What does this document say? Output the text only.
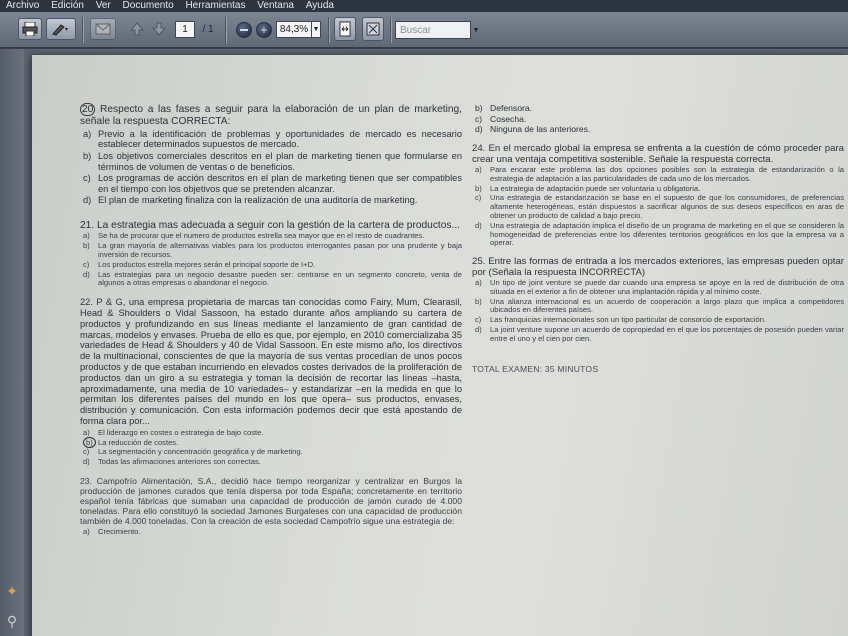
Archivo Edición Ver Documento Herramientas Ventana Ayuda
1	/ 1	+	84,3% ▼	Buscar	▼
✦
⚲
20 Respecto a las fases a seguir para la elaboración de un plan de marketing, señale la respuesta CORRECTA:
a) Previo a la identificación de problemas y oportunidades de mercado es necesario establecer determinados supuestos de mercado.
b) Los objetivos comerciales descritos en el plan de marketing tienen que formularse en términos de volumen de ventas o de beneficios.
c) Los programas de acción descritos en el plan de marketing tienen que ser compatibles en el tiempo con los objetivos que se pretenden alcanzar.
d) El plan de marketing finaliza con la realización de una auditoría de marketing.
21. La estrategia mas adecuada a seguir con la gestión de la cartera de productos...
a)	Se ha de procurar que el numero de productos estrella sea mayor que en el resto de cuadrantes.
b)	La gran mayoría de alternativas viables para los productos interrogantes pasan por una prudente y baja inversión de recursos.
c)	Los productos estrella mejores serán el principal soporte de I+D.
d)	Las estrategias para un negocio desastre pueden ser: centrarse en un segmento concreto, venta de algunos a otras empresas o abandonar el negocio.
22. P & G, una empresa propietaria de marcas tan conocidas como Fairy, Mum, Clearasil, Head & Shoulders o Vidal Sassoon, ha estado durante años ampliando su cartera de productos y profundizando en sus líneas mediante el lanzamiento de gran cantidad de marcas, modelos y envases. Prueba de ello es que, por ejemplo, en 2010 comercializaba 35 variedades de Head & Shoulders y 40 de Vidal Sassoon. En este mismo año, los directivos de la multinacional, conscientes de que la mayoría de sus ventas procedían de unos pocos productos y de que estaban incurriendo en elevados costes derivados de la proliferación de productos dan un giro a su estrategia y toman la decisión de recortar las líneas –hasta, aproximadamente, una media de 10 variedades– y estandarizar –en la medida en que lo permitan los diferentes países del mundo en los que opera– sus productos, envases, distribución y comunicación. Con esta información podemos decir que está apostando de forma clara por...
a)	El liderazgo en costes o estrategia de bajo coste.
b) La reducción de costes.
c)	La segmentación y concentración geográfica y de marketing.
d)	Todas las afirmaciones anteriores son correctas.
23. Campofrío Alimentación, S.A., decidió hace tiempo reorganizar y centralizar en Burgos la producción de jamones curados que tenía dispersa por toda España; concretamente en territorio español tenía fábricas que sumaban una capacidad de producción de jamón curado de 4.000 toneladas. Para ello constituyó la sociedad Jamones Burgaleses con una capacidad de producción también de 4.000 toneladas. Con la creación de esta sociedad Campofrío sigue una estrategia de:
a)	Crecimiento.
b) Defensora.
c) Cosecha.
d) Ninguna de las anteriores.
24. En el mercado global la empresa se enfrenta a la cuestión de cómo proceder para crear una ventaja competitiva sostenible. Señale la respuesta correcta.
a)	Para encarar este problema las dos opciones posibles son la estrategia de estandarización o la estrategia de adaptación a las particularidades de cada uno de los mercados.
b)	La estrategia de adaptación puede ser voluntaria u obligatoria.
c)	Una estrategia de estandarización se base en el supuesto de que los consumidores, de preferencias altamente heterogéneas, están dispuestos a sacrificar algunos de sus deseos específicos en aras de obtener un producto de calidad a bajo precio.
d)	Una estrategia de adaptación implica el diseño de un programa de marketing en el que se consideren la homogeneidad de preferencias entre los diferentes territorios geográficos en los que la empresa va a operar.
25. Entre las formas de entrada a los mercados exteriores, las empresas pueden optar por (Señala la respuesta INCORRECTA)
a)	Un tipo de joint venture se puede dar cuando una empresa se apoye en la red de distribución de otra situada en el exterior a fin de obtener una implantación rápida y al mínimo coste.
b)	Una alianza internacional es un acuerdo de cooperación a largo plazo que implica a competidores ubicados en diferentes países.
c)	Las franquicias internacionales son un tipo particular de consorcio de exportación.
d)	La joint venture supone un acuerdo de copropiedad en el que los porcentajes de posesión pueden variar entre el uno y el cien por cien.
TOTAL EXAMEN: 35 MINUTOS
